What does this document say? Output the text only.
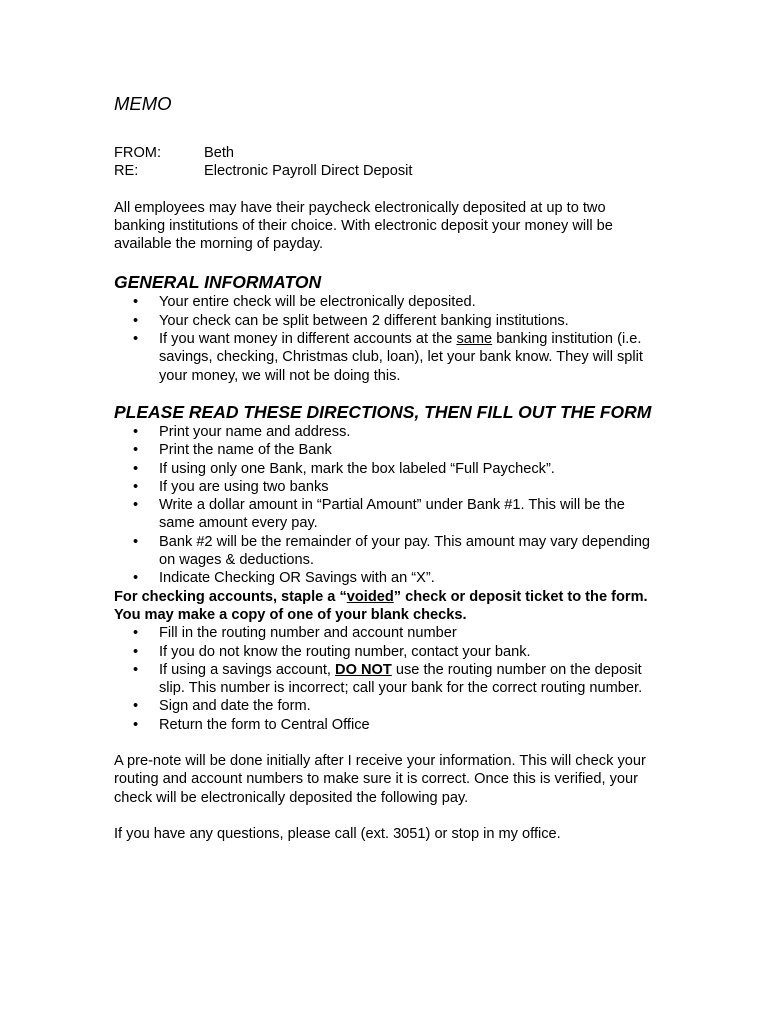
MEMO
FROM:	Beth
RE:	Electronic Payroll Direct Deposit

All employees may have their paycheck electronically deposited at up to two banking institutions of their choice. With electronic deposit your money will be available the morning of payday.

GENERAL INFORMATON
• Your entire check will be electronically deposited.
• Your check can be split between 2 different banking institutions.
• If you want money in different accounts at the same banking institution (i.e. savings, checking, Christmas club, loan), let your bank know. They will split your money, we will not be doing this.
PLEASE READ THESE DIRECTIONS, THEN FILL OUT THE FORM
• Print your name and address.
• Print the name of the Bank
• If using only one Bank, mark the box labeled “Full Paycheck”.
• If you are using two banks
• Write a dollar amount in “Partial Amount” under Bank #1. This will be the same amount every pay.
• Bank #2 will be the remainder of your pay. This amount may vary depending on wages & deductions.
• Indicate Checking OR Savings with an “X”.

For checking accounts, staple a “voided” check or deposit ticket to the form. You may make a copy of one of your blank checks.

• Fill in the routing number and account number
• If you do not know the routing number, contact your bank.
• If using a savings account, DO NOT use the routing number on the deposit slip. This number is incorrect; call your bank for the correct routing number.
• Sign and date the form.
• Return the form to Central Office

A pre-note will be done initially after I receive your information. This will check your routing and account numbers to make sure it is correct. Once this is verified, your check will be electronically deposited the following pay.

If you have any questions, please call (ext. 3051) or stop in my office.
